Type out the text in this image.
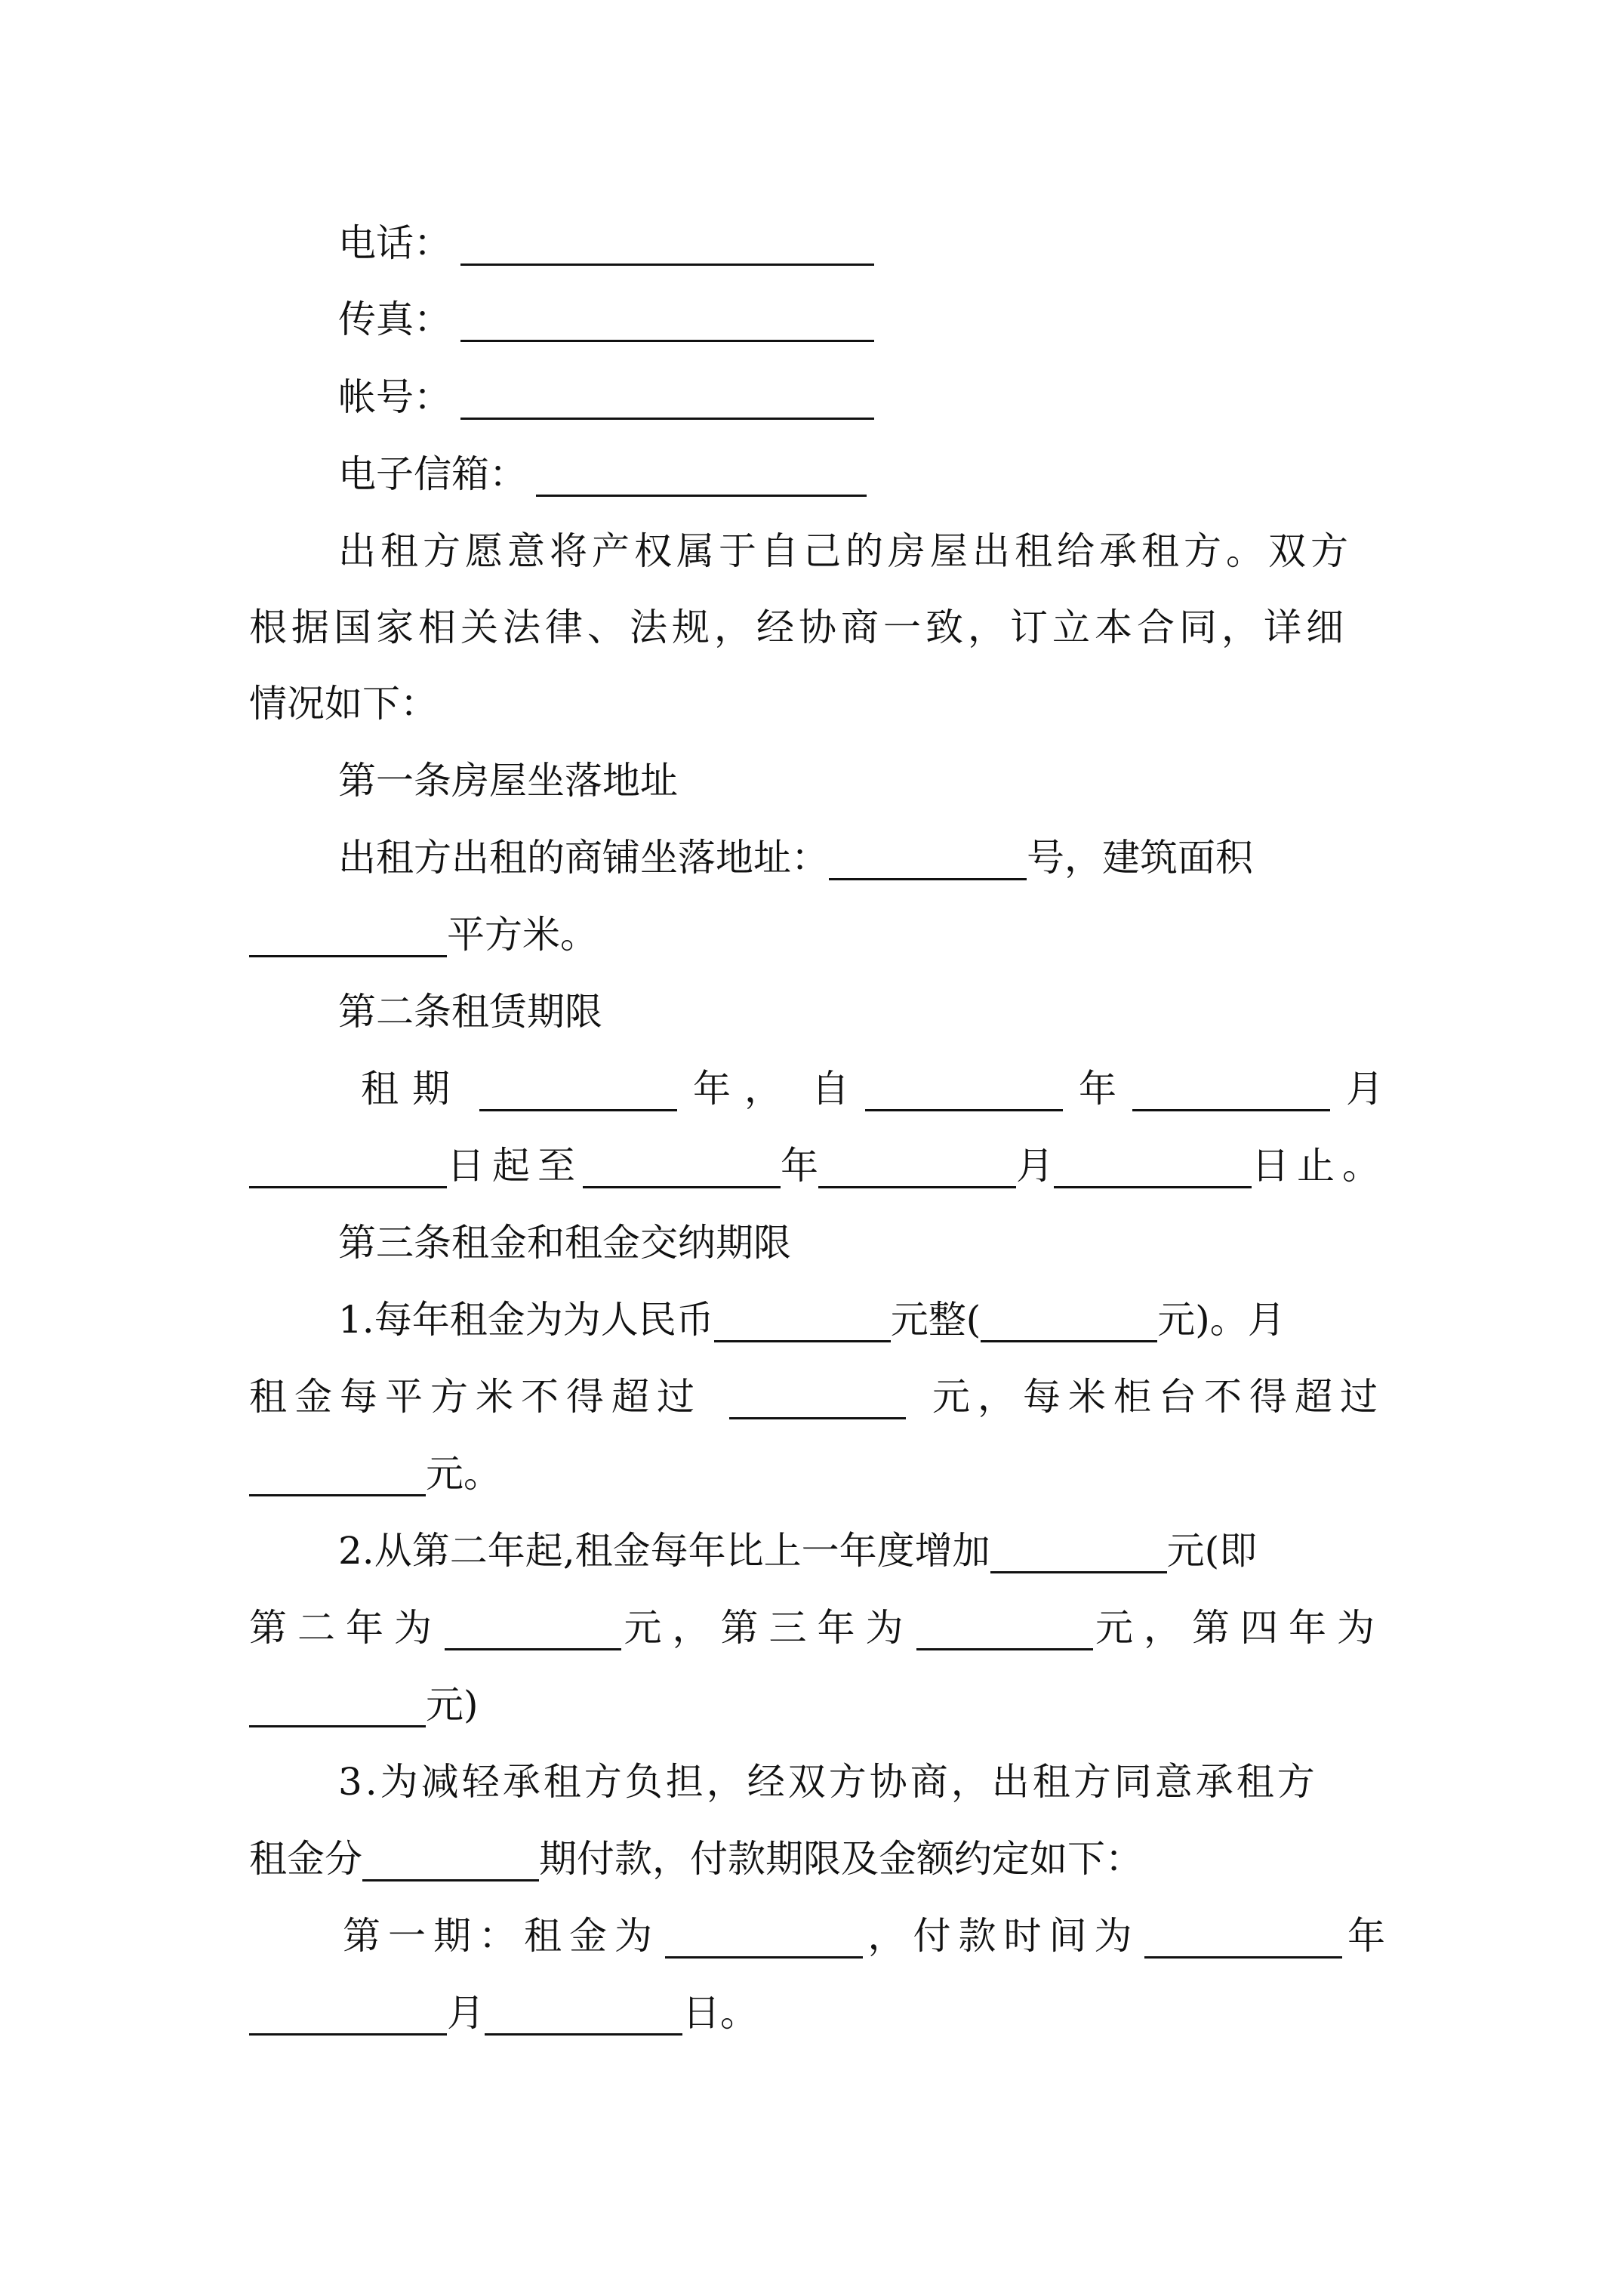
电话：
传真：
帐号：
电子信箱：
出租方愿意将产权属于自己的房屋出租给承租方。双方
根据国家相关法律、法规，经协商一致，订立本合同，详细
情况如下：
第一条房屋坐落地址
出租方出租的商铺坐落地址：	号，建筑面积
平方米。
第二条租赁期限
租期	年， 自	年	月
日起至	年	月	日止。
第三条租金和租金交纳期限
1.每年租金为为人民币	元整(	元)。月
租金每平方米不得超过	元，每米柜台不得超过
元。
2.从第二年起,租金每年比上一年度增加	元(即
第二年为	元，第三年为	元，第四年为
元)
3.为减轻承租方负担，经双方协商，出租方同意承租方
租金分	期付款，付款期限及金额约定如下：
第一期：租金为	，付款时间为	年
月	日。
